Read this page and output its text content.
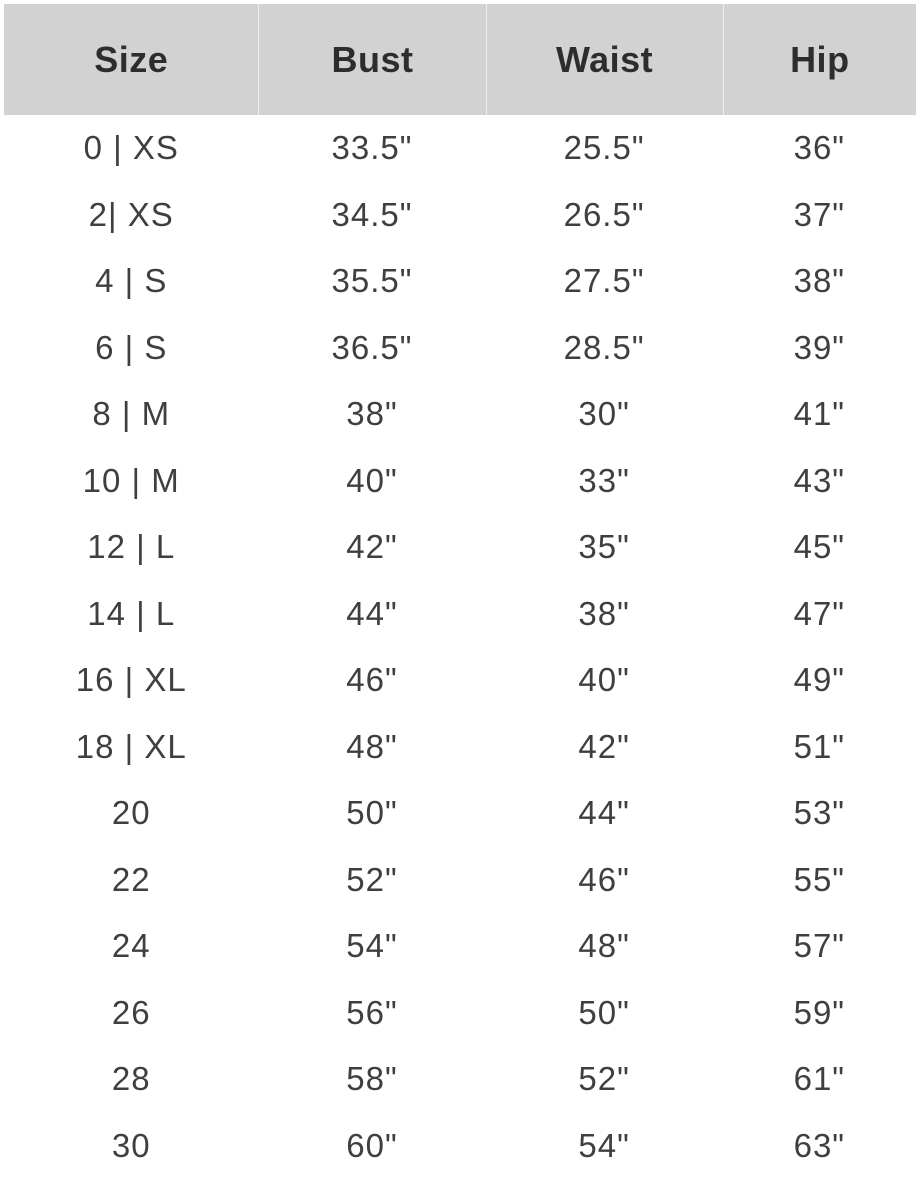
Size	Bust	Waist	Hip
0 | XS	33.5"	25.5"	36"
2| XS	34.5"	26.5"	37"
4 | S	35.5"	27.5"	38"
6 | S	36.5"	28.5"	39"
8 | M	38"	30"	41"
10 | M	40"	33"	43"
12 | L	42"	35"	45"
14 | L	44"	38"	47"
16 | XL	46"	40"	49"
18 | XL	48"	42"	51"
20	50"	44"	53"
22	52"	46"	55"
24	54"	48"	57"
26	56"	50"	59"
28	58"	52"	61"
30	60"	54"	63"
